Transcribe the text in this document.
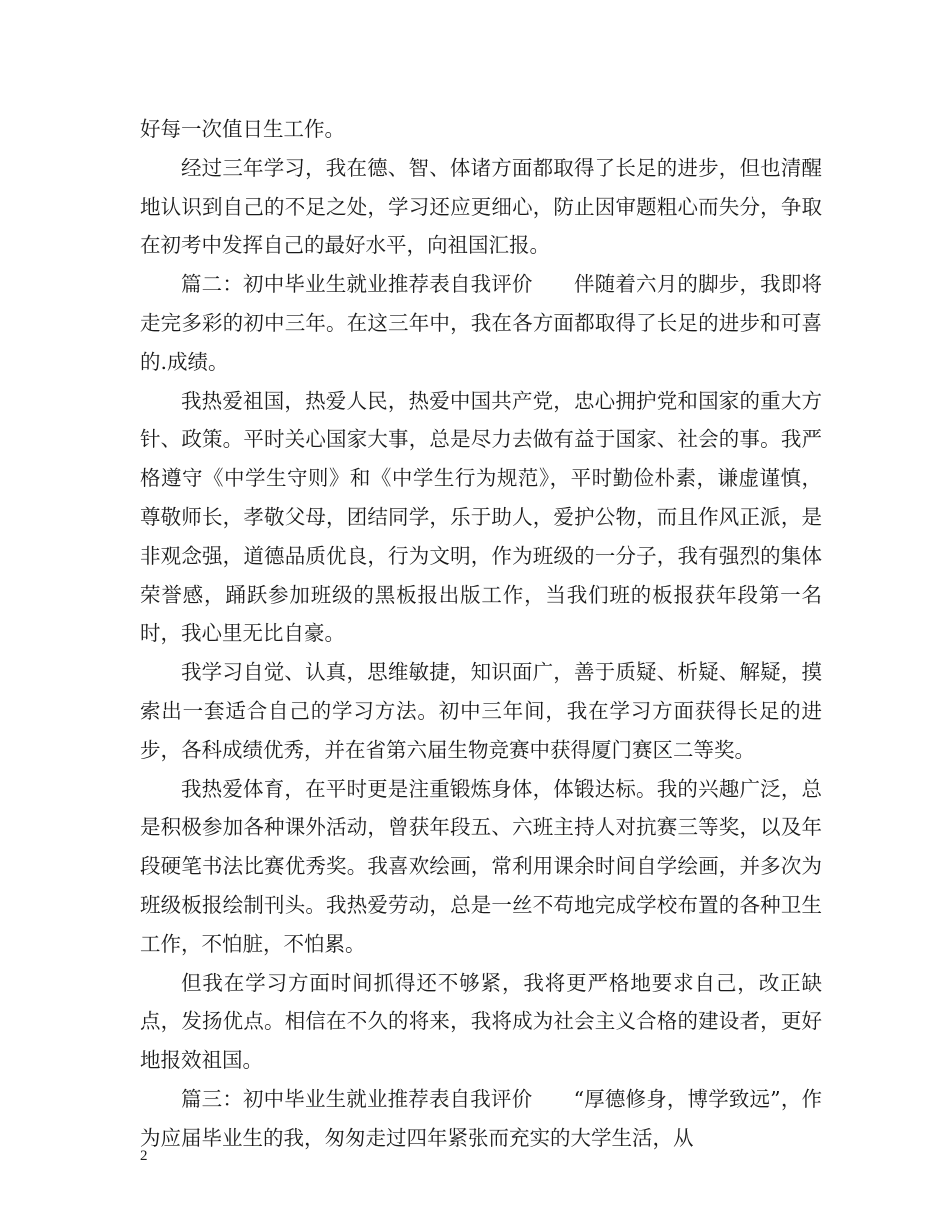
好每一次值日生工作。

经过三年学习，我在德、智、体诸方面都取得了长足的进步，但也清醒地认识到自己的不足之处，学习还应更细心，防止因审题粗心而失分，争取在初考中发挥自己的最好水平，向祖国汇报。

篇二：初中毕业生就业推荐表自我评价　　伴随着六月的脚步，我即将走完多彩的初中三年。在这三年中，我在各方面都取得了长足的进步和可喜的.成绩。

我热爱祖国，热爱人民，热爱中国共产党，忠心拥护党和国家的重大方针、政策。平时关心国家大事，总是尽力去做有益于国家、社会的事。我严格遵守《中学生守则》和《中学生行为规范》，平时勤俭朴素，谦虚谨慎，尊敬师长，孝敬父母，团结同学，乐于助人，爱护公物，而且作风正派，是非观念强，道德品质优良，行为文明，作为班级的一分子，我有强烈的集体荣誉感，踊跃参加班级的黑板报出版工作，当我们班的板报获年段第一名时，我心里无比自豪。

我学习自觉、认真，思维敏捷，知识面广，善于质疑、析疑、解疑，摸索出一套适合自己的学习方法。初中三年间，我在学习方面获得长足的进步，各科成绩优秀，并在省第六届生物竞赛中获得厦门赛区二等奖。

我热爱体育，在平时更是注重锻炼身体，体锻达标。我的兴趣广泛，总是积极参加各种课外活动，曾获年段五、六班主持人对抗赛三等奖，以及年段硬笔书法比赛优秀奖。我喜欢绘画，常利用课余时间自学绘画，并多次为班级板报绘制刊头。我热爱劳动，总是一丝不苟地完成学校布置的各种卫生工作，不怕脏，不怕累。

但我在学习方面时间抓得还不够紧，我将更严格地要求自己，改正缺点，发扬优点。相信在不久的将来，我将成为社会主义合格的建设者，更好地报效祖国。

篇三：初中毕业生就业推荐表自我评价　　“厚德修身，博学致远”，作为应届毕业生的我，匆匆走过四年紧张而充实的大学生活，从

2
